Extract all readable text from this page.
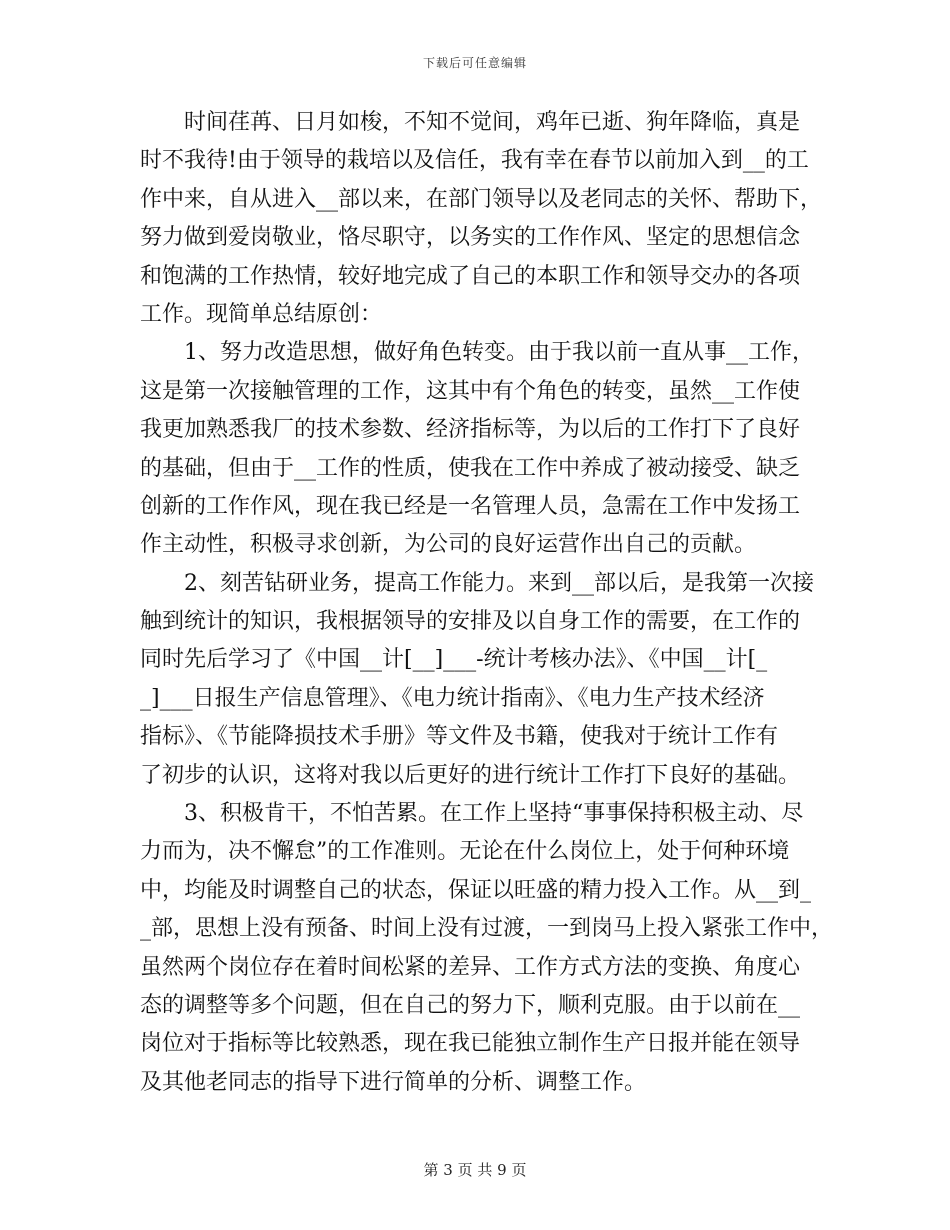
下载后可任意编辑
时间荏苒、日月如梭，不知不觉间，鸡年已逝、狗年降临，真是
时不我待!由于领导的栽培以及信任，我有幸在春节以前加入到__的工
作中来，自从进入__部以来，在部门领导以及老同志的关怀、帮助下，
努力做到爱岗敬业，恪尽职守，以务实的工作作风、坚定的思想信念
和饱满的工作热情，较好地完成了自己的本职工作和领导交办的各项
工作。现简单总结原创：
1、努力改造思想，做好角色转变。由于我以前一直从事__工作，
这是第一次接触管理的工作，这其中有个角色的转变，虽然__工作使
我更加熟悉我厂的技术参数、经济指标等，为以后的工作打下了良好
的基础，但由于__工作的性质，使我在工作中养成了被动接受、缺乏
创新的工作作风，现在我已经是一名管理人员，急需在工作中发扬工
作主动性，积极寻求创新，为公司的良好运营作出自己的贡献。
2、刻苦钻研业务，提高工作能力。来到__部以后，是我第一次接
触到统计的知识，我根据领导的安排及以自身工作的需要，在工作的
同时先后学习了《中国__计[__]___-统计考核办法》、《中国__计[_
_]___日报生产信息管理》、《电力统计指南》、《电力生产技术经济
指标》、《节能降损技术手册》等文件及书籍，使我对于统计工作有
了初步的认识，这将对我以后更好的进行统计工作打下良好的基础。
3、积极肯干，不怕苦累。在工作上坚持“事事保持积极主动、尽
力而为，决不懈怠”的工作准则。无论在什么岗位上，处于何种环境
中，均能及时调整自己的状态，保证以旺盛的精力投入工作。从__到_
_部，思想上没有预备、时间上没有过渡，一到岗马上投入紧张工作中，
虽然两个岗位存在着时间松紧的差异、工作方式方法的变换、角度心
态的调整等多个问题，但在自己的努力下，顺利克服。由于以前在__
岗位对于指标等比较熟悉，现在我已能独立制作生产日报并能在领导
及其他老同志的指导下进行简单的分析、调整工作。
第 3 页 共 9 页
